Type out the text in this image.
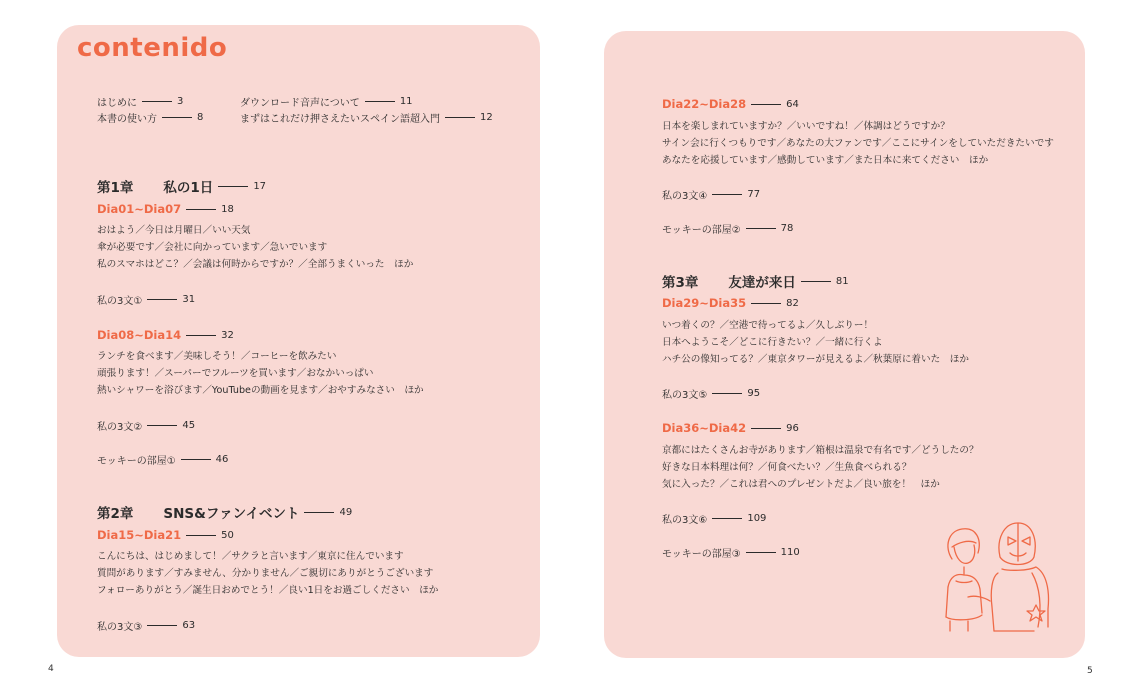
contenido
はじめに	3
本書の使い方	8
ダウンロード音声について	11
まずはこれだけ押さえたいスペイン語超入門	12
第1章 私の1日	17
Dia01~Dia07	18
おはよう／今日は月曜日／いい天気
傘が必要です／会社に向かっています／急いでいます
私のスマホはどこ？／会議は何時からですか？／全部うまくいった　ほか
私の3文①	31
Dia08~Dia14	32
ランチを食べます／美味しそう！／コーヒーを飲みたい
頑張ります！／スーパーでフルーツを買います／おなかいっぱい
熱いシャワーを浴びます／YouTubeの動画を見ます／おやすみなさい　ほか
私の3文②	45
モッキーの部屋①	46
第2章 SNS&ファンイベント	49
Dia15~Dia21	50
こんにちは、はじめまして！／サクラと言います／東京に住んでいます
質問があります／すみません、分かりません／ご親切にありがとうございます
フォローありがとう／誕生日おめでとう！／良い1日をお過ごしください　ほか
私の3文③	63
Dia22~Dia28	64
日本を楽しまれていますか？／いいですね！／体調はどうですか？
サイン会に行くつもりです／あなたの大ファンです／ここにサインをしていただきたいです
あなたを応援しています／感動しています／また日本に来てください　ほか
私の3文④	77
モッキーの部屋②	78
第3章 友達が来日	81
Dia29~Dia35	82
いつ着くの？／空港で待ってるよ／久しぶりー！
日本へようこそ／どこに行きたい？／一緒に行くよ
ハチ公の像知ってる？／東京タワーが見えるよ／秋葉原に着いた　ほか
私の3文⑤	95
Dia36~Dia42	96
京都にはたくさんお寺があります／箱根は温泉で有名です／どうしたの？
好きな日本料理は何？／何食べたい？／生魚食べられる？
気に入った？／これは君へのプレゼントだよ／良い旅を！　ほか
私の3文⑥	109
モッキーの部屋③	110
4	5
